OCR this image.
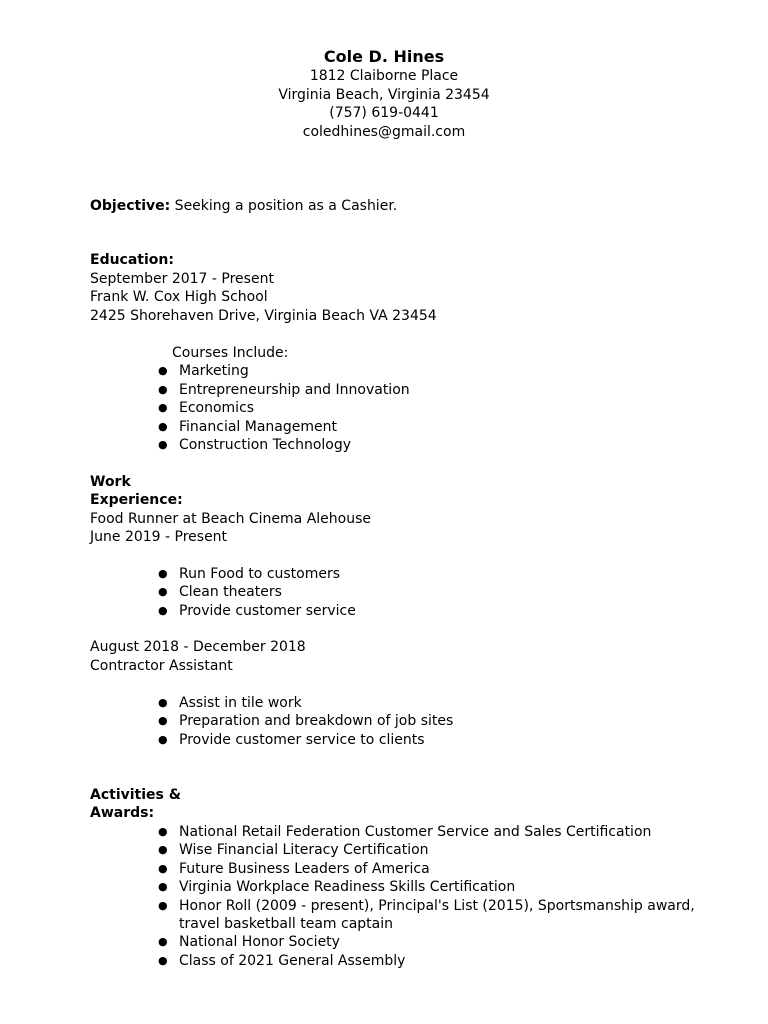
Cole D. Hines
1812 Claiborne Place
Virginia Beach, Virginia 23454
(757) 619-0441
coledhines@gmail.com
Objective: Seeking a position as a Cashier.
Education:
September 2017 - Present
Frank W. Cox High School
2425 Shorehaven Drive, Virginia Beach VA 23454
Courses Include:
● Marketing
● Entrepreneurship and Innovation
● Economics
● Financial Management
● Construction Technology
Work
Experience:
Food Runner at Beach Cinema Alehouse
June 2019 - Present
● Run Food to customers
● Clean theaters
● Provide customer service
August 2018 - December 2018
Contractor Assistant
● Assist in tile work
● Preparation and breakdown of job sites
● Provide customer service to clients
Activities &
Awards:
● National Retail Federation Customer Service and Sales Certification
● Wise Financial Literacy Certification
● Future Business Leaders of America
● Virginia Workplace Readiness Skills Certification
● Honor Roll (2009 - present), Principal's List (2015), Sportsmanship award,
travel basketball team captain
● National Honor Society
● Class of 2021 General Assembly
